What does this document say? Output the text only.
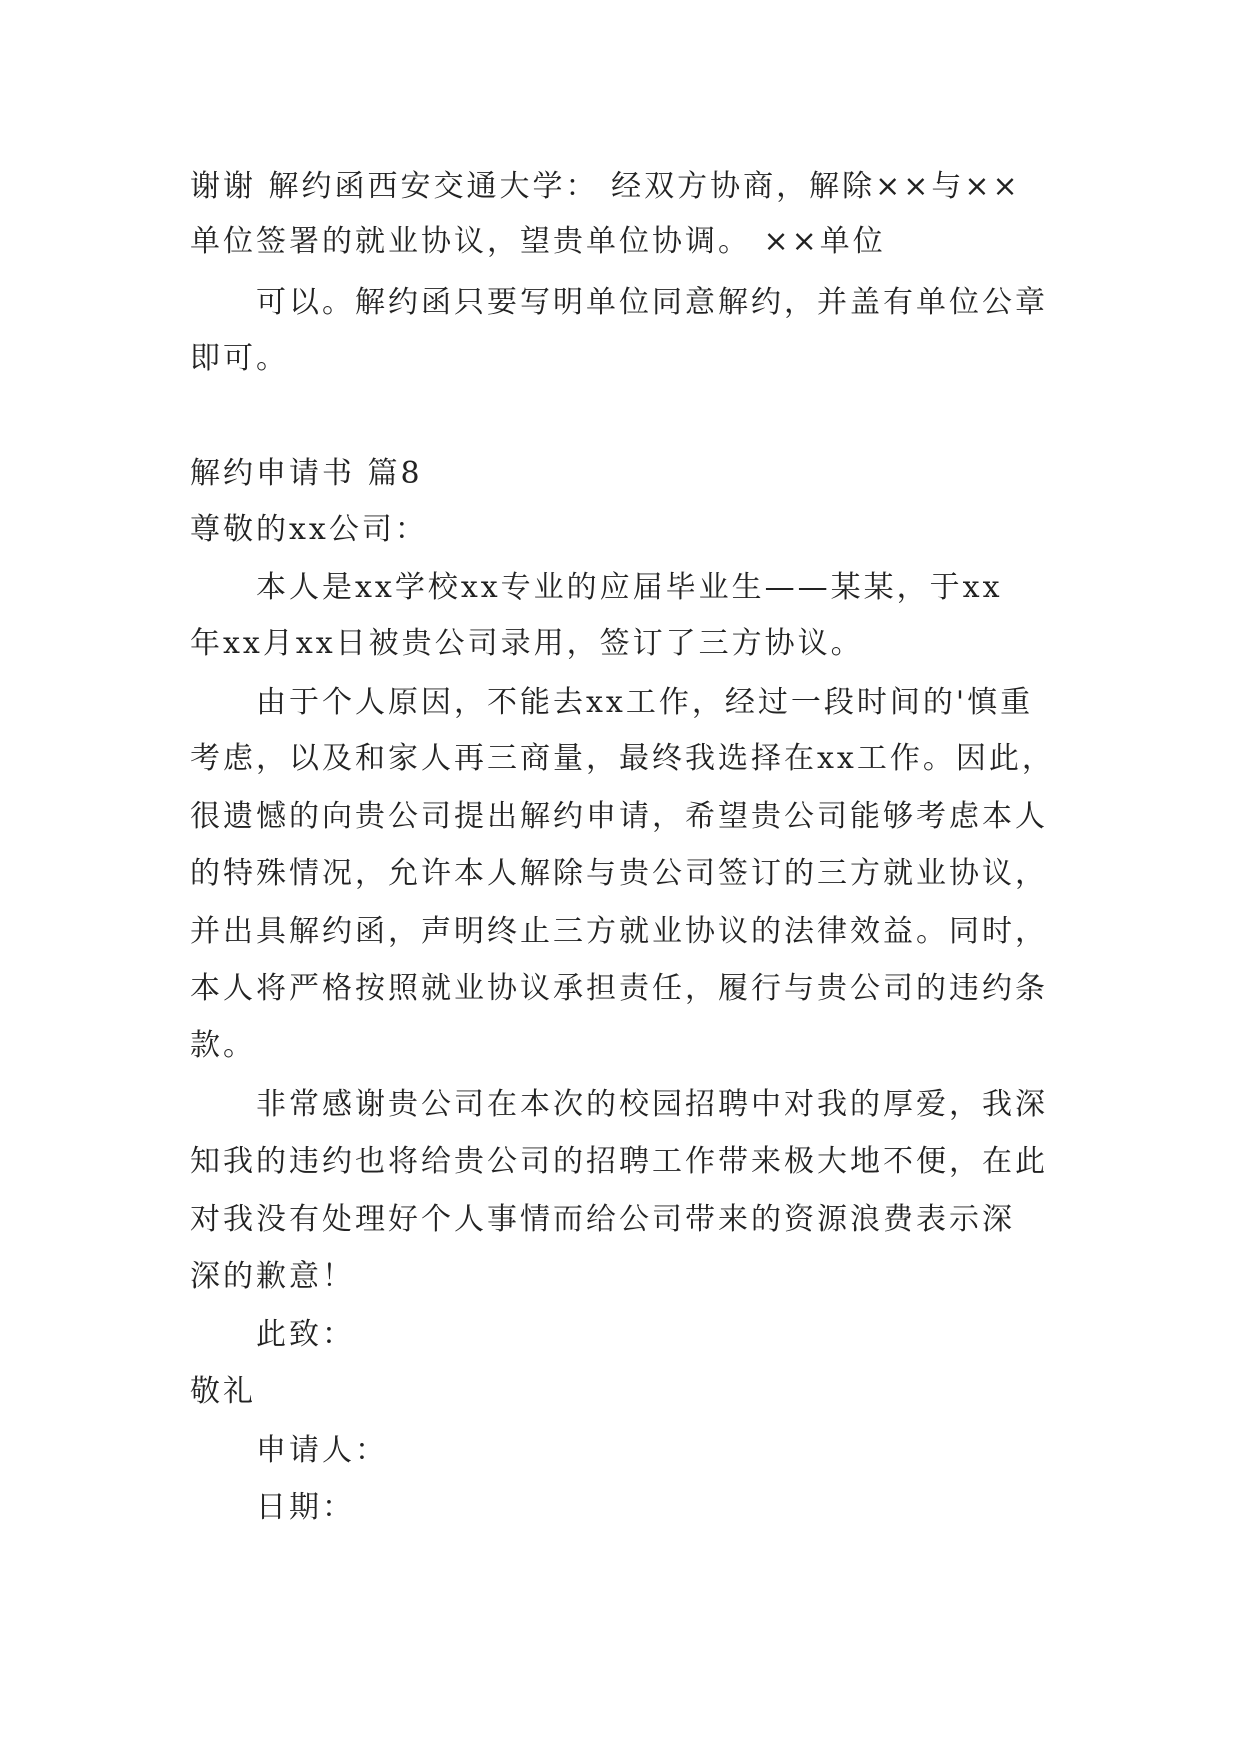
谢谢 解约函西安交通大学： 经双方协商，解除××与××
单位签署的就业协议，望贵单位协调。 ××单位
可以。解约函只要写明单位同意解约，并盖有单位公章
即可。
解约申请书 篇8
尊敬的xx公司：
本人是xx学校xx专业的应届毕业生——某某，于xx
年xx月xx日被贵公司录用，签订了三方协议。
由于个人原因，不能去xx工作，经过一段时间的'慎重
考虑，以及和家人再三商量，最终我选择在xx工作。因此，
很遗憾的向贵公司提出解约申请，希望贵公司能够考虑本人
的特殊情况，允许本人解除与贵公司签订的三方就业协议，
并出具解约函，声明终止三方就业协议的法律效益。同时，
本人将严格按照就业协议承担责任，履行与贵公司的违约条
款。
非常感谢贵公司在本次的校园招聘中对我的厚爱，我深
知我的违约也将给贵公司的招聘工作带来极大地不便，在此
对我没有处理好个人事情而给公司带来的资源浪费表示深
深的歉意！
此致：
敬礼
申请人：
日期：
